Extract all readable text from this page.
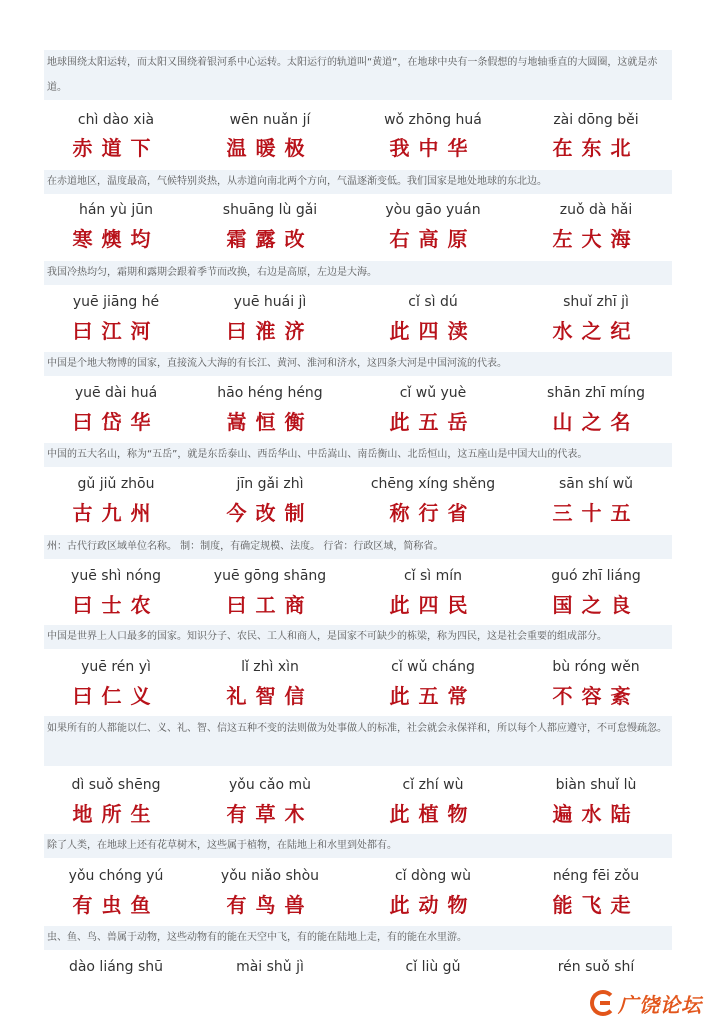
地球围绕太阳运转，而太阳又围绕着银河系中心运转。太阳运行的轨道叫“黄道”，在地球中央有一条假想的与地轴垂直的大圆圈，这就是赤道。
chì dào xià	wēn nuǎn jí	wǒ zhōng huá	zài dōng běi
赤道下	温暖极	我中华	在东北
在赤道地区，温度最高，气候特别炎热，从赤道向南北两个方向，气温逐渐变低。我们国家是地处地球的东北边。
hán yù jūn	shuāng lù gǎi	yòu gāo yuán	zuǒ dà hǎi
寒燠均	霜露改	右高原	左大海
我国冷热均匀，霜期和露期会跟着季节而改换，右边是高原，左边是大海。
yuē jiāng hé	yuē huái jì	cǐ sì dú	shuǐ zhī jì
曰江河	曰淮济	此四渎	水之纪
中国是个地大物博的国家，直接流入大海的有长江、黄河、淮河和济水，这四条大河是中国河流的代表。
yuē dài huá	hāo héng héng	cǐ wǔ yuè	shān zhī míng
曰岱华	嵩恒衡	此五岳	山之名
中国的五大名山，称为“五岳”，就是东岳泰山、西岳华山、中岳嵩山、南岳衡山、北岳恒山，这五座山是中国大山的代表。
gǔ jiǔ zhōu	jīn gǎi zhì	chēng xíng shěng	sān shí wǔ
古九州	今改制	称行省	三十五
州：古代行政区域单位名称。 制：制度，有确定规模、法度。 行省：行政区域，简称省。
yuē shì nóng	yuē gōng shāng	cǐ sì mín	guó zhī liáng
曰士农	曰工商	此四民	国之良
中国是世界上人口最多的国家。知识分子、农民、工人和商人，是国家不可缺少的栋梁，称为四民，这是社会重要的组成部分。
yuē rén yì	lǐ zhì xìn	cǐ wǔ cháng	bù róng wěn
曰仁义	礼智信	此五常	不容紊
如果所有的人都能以仁、义、礼、智、信这五种不变的法则做为处事做人的标准，社会就会永保祥和，所以每个人都应遵守，不可怠慢疏忽。
dì suǒ shēng	yǒu cǎo mù	cǐ zhí wù	biàn shuǐ lù
地所生	有草木	此植物	遍水陆
除了人类，在地球上还有花草树木，这些属于植物，在陆地上和水里到处都有。
yǒu chóng yú	yǒu niǎo shòu	cǐ dòng wù	néng fēi zǒu
有虫鱼	有鸟兽	此动物	能飞走
虫、鱼、鸟、兽属于动物，这些动物有的能在天空中飞，有的能在陆地上走，有的能在水里游。
dào liáng shū	mài shǔ jì	cǐ liù gǔ	rén suǒ shí
广饶论坛
